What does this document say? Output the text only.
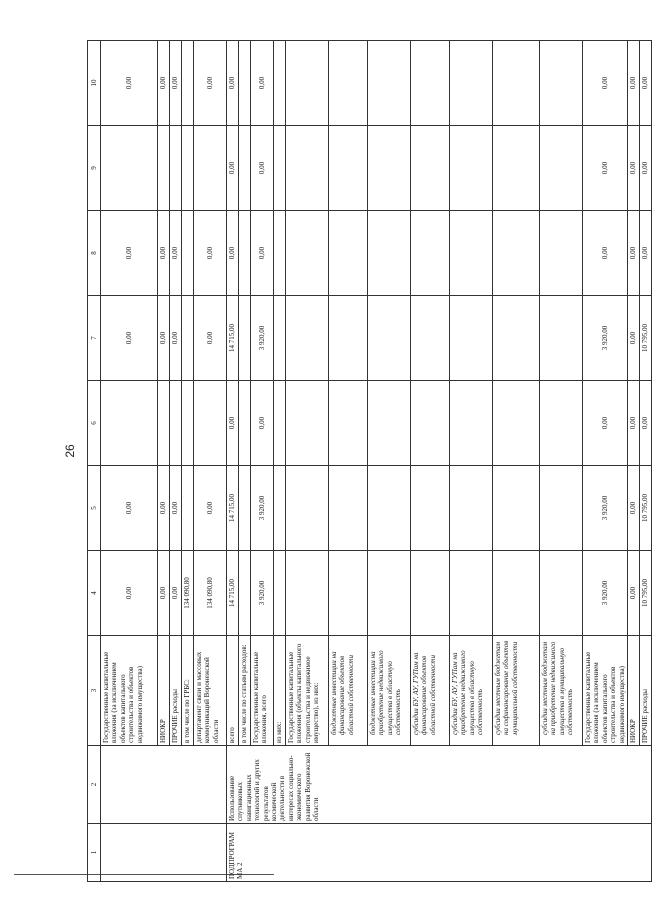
26
1	2	3	4	5	6	7	8	9	10
		Государственные капитальные вложения (за исключением объектов капитального строительства и объектов недвижимого имущества)	0,00	0,00		0,00	0,00		0,00
		НИОКР	0,00	0,00		0,00	0,00		0,00
		ПРОЧИЕ расходы	0,00	0,00		0,00	0,00		0,00
		в том числе по ГРБС:	134 090,80						
		департамент связи и массовых коммуникаций Воронежской области	134 090,80	0,00		0,00	0,00		0,00
ПОДПРОГРАММА 2	Использование спутниковых навигационных технологий и других результатов космической деятельности в интересах социально-экономического развития Воронежской области	всего	14 715,00	14 715,00	0,00	14 715,00	0,00	0,00	0,00
		в том числе по статьям расходов:							
		Государственные капитальные вложения, всего	3 920,00	3 920,00	0,00	3 920,00	0,00	0,00	0,00
		из них:							
		Государственные капитальные вложения (объекты капитального строительства и недвижимое имущество), из них:							
		бюджетные инвестиции на финансирование объектов областной собственности							
		бюджетные инвестиции на приобретение недвижимого имущества в областную собственность							
		субсидии БУ, АУ, ГУПам на финансирование объектов областной собственности							
		субсидии БУ, АУ, ГУПам на приобретение недвижимого имущества в областную собственность							
		субсидии местным бюджетам на софинансирование объектов муниципальной собственности							
		субсидии местным бюджетам на приобретение недвижимого имущества в муниципальную собственность							
		Государственные капитальные вложения (за исключением объектов капитального строительства и объектов недвижимого имущества)	3 920,00	3 920,00	0,00	3 920,00	0,00	0,00	0,00
		НИОКР	0,00	0,00	0,00	0,00	0,00	0,00	0,00
		ПРОЧИЕ расходы	10 795,00	10 795,00	0,00	10 795,00	0,00	0,00	0,00
